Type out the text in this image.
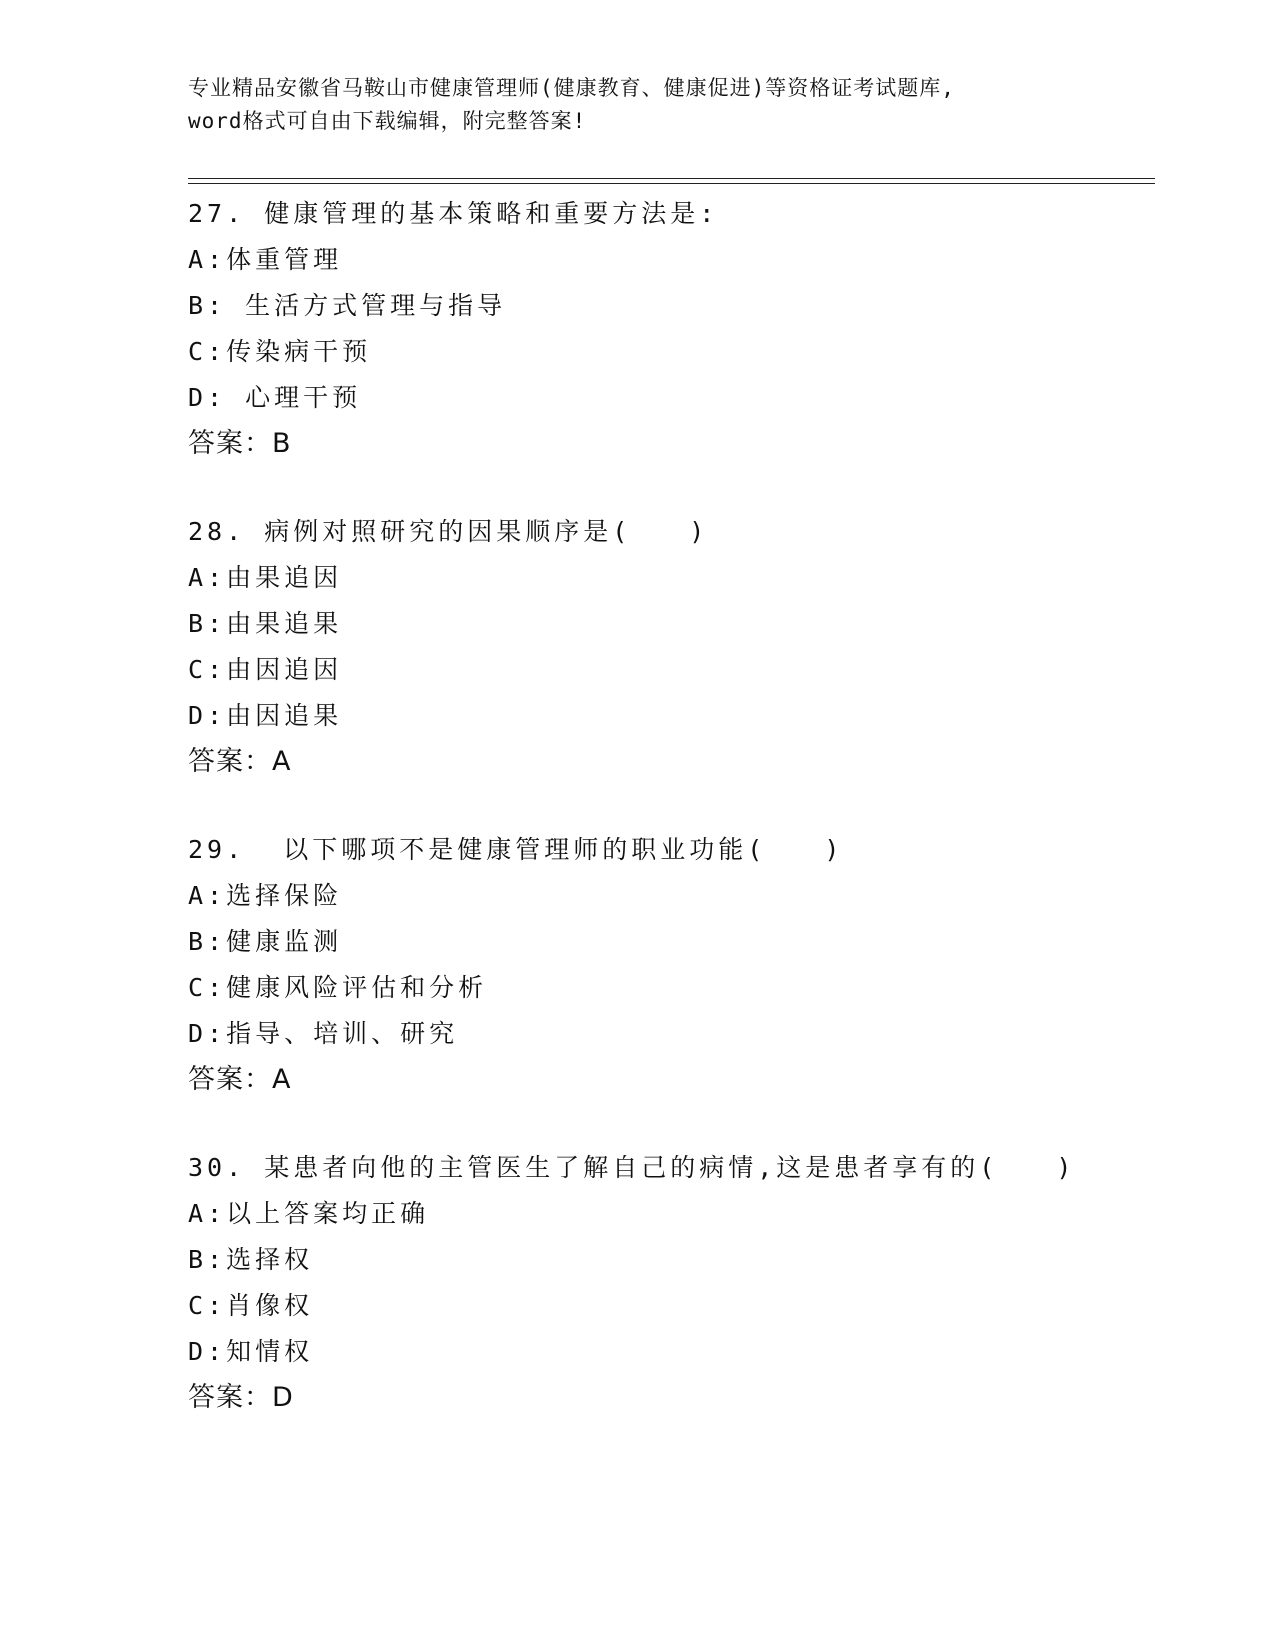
专业精品安徽省马鞍山市健康管理师(健康教育、健康促进)等资格证考试题库,
word格式可自由下载编辑，附完整答案!
27. 健康管理的基本策略和重要方法是:
A:体重管理
B: 生活方式管理与指导
C:传染病干预
D: 心理干预
答案：B
28. 病例对照研究的因果顺序是(　　)
A:由果追因
B:由果追果
C:由因追因
D:由因追果
答案：A
29.  以下哪项不是健康管理师的职业功能(　　)
A:选择保险
B:健康监测
C:健康风险评估和分析
D:指导、培训、研究
答案：A
30. 某患者向他的主管医生了解自己的病情,这是患者享有的(　　)
A:以上答案均正确
B:选择权
C:肖像权
D:知情权
答案：D
